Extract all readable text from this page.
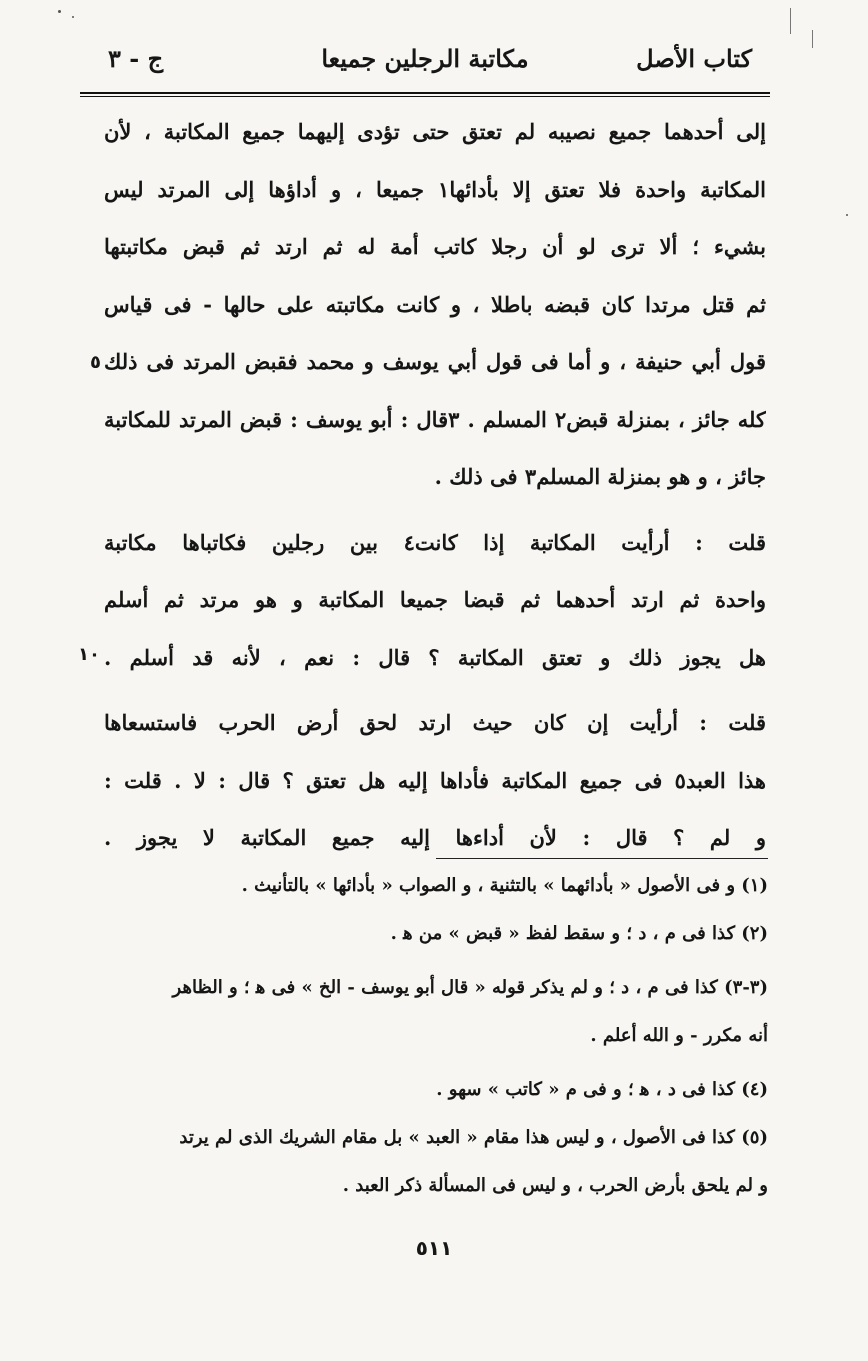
كتاب الأصل
مكاتبة الرجلين جميعا
ج - ٣
إلى أحدهما جميع نصيبه لم تعتق حتى تؤدى إليهما جميع المكاتبة ، لأن
المكاتبة واحدة فلا تعتق إلا بأدائها١ جميعا ، و أداؤها إلى المرتد ليس
بشيء ؛ ألا ترى لو أن رجلا كاتب أمة له ثم ارتد ثم قبض مكاتبتها
ثم قتل مرتدا كان قبضه باطلا ، و كانت مكاتبته على حالها - فى قياس
قول أبي حنيفة ، و أما فى قول أبي يوسف و محمد فقبض المرتد فى ذلك
كله جائز ، بمنزلة قبض٢ المسلم . ٣قال : أبو يوسف : قبض المرتد للمكاتبة
جائز ، و هو بمنزلة المسلم٣ فى ذلك .
قلت : أرأيت المكاتبة إذا كانت٤ بين رجلين فكاتباها مكاتبة
واحدة ثم ارتد أحدهما ثم قبضا جميعا المكاتبة و هو مرتد ثم أسلم
هل يجوز ذلك و تعتق المكاتبة ؟ قال : نعم ، لأنه قد أسلم .
قلت : أرأيت إن كان حيث ارتد لحق أرض الحرب فاستسعاها
هذا العبد٥ فى جميع المكاتبة فأداها إليه هل تعتق ؟ قال : لا . قلت :
و لم ؟ قال : لأن أداءها إليه جميع المكاتبة لا يجوز .
٥
١٠
(١) و فى الأصول « بأدائهما » بالتثنية ، و الصواب « بأدائها » بالتأنيث .
(٢) كذا فى م ، د ؛ و سقط لفظ « قبض » من ﻫ .
(٣-٣) كذا فى م ، د ؛ و لم يذكر قوله « قال أبو يوسف - الخ » فى ﻫ ؛ و الظاهر
أنه مكرر - و الله أعلم .
(٤) كذا فى د ، ﻫ ؛ و فى م « كاتب » سهو .
(٥) كذا فى الأصول ، و ليس هذا مقام « العبد » بل مقام الشريك الذى لم يرتد
و لم يلحق بأرض الحرب ، و ليس فى المسألة ذكر العبد .
٥١١
